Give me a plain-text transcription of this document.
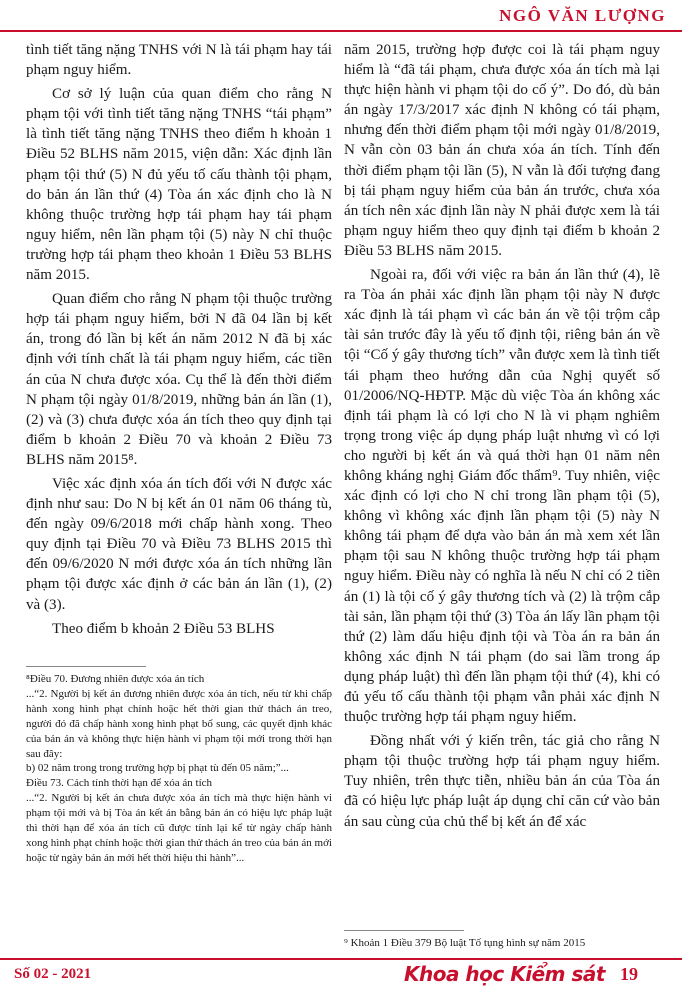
NGÔ VĂN LƯỢNG

tình tiết tăng nặng TNHS với N là tái phạm hay tái phạm nguy hiểm.

Cơ sở lý luận của quan điểm cho rằng N phạm tội với tình tiết tăng nặng TNHS “tái phạm” là tình tiết tăng nặng TNHS theo điểm h khoản 1 Điều 52 BLHS năm 2015, viện dẫn: Xác định lần phạm tội thứ (5) N đủ yếu tố cấu thành tội phạm, do bản án lần thứ (4) Tòa án xác định cho là N không thuộc trường hợp tái phạm hay tái phạm nguy hiểm, nên lần phạm tội (5) này N chỉ thuộc trường hợp tái phạm theo khoản 1 Điều 53 BLHS năm 2015.

Quan điểm cho rằng N phạm tội thuộc trường hợp tái phạm nguy hiểm, bởi N đã 04 lần bị kết án, trong đó lần bị kết án năm 2012 N đã bị xác định với tính chất là tái phạm nguy hiểm, các tiền án của N chưa được xóa. Cụ thể là đến thời điểm N phạm tội ngày 01/8/2019, những bản án lần (1), (2) và (3) chưa được xóa án tích theo quy định tại điểm b khoản 2 Điều 70 và khoản 2 Điều 73 BLHS năm 2015⁸.

Việc xác định xóa án tích đối với N được xác định như sau: Do N bị kết án 01 năm 06 tháng tù, đến ngày 09/6/2018 mới chấp hành xong. Theo quy định tại Điều 70 và Điều 73 BLHS 2015 thì đến 09/6/2020 N mới được xóa án tích những lần phạm tội được xác định ở các bản án lần (1), (2) và (3).

Theo điểm b khoản 2 Điều 53 BLHS

năm 2015, trường hợp được coi là tái phạm nguy hiểm là “đã tái phạm, chưa được xóa án tích mà lại thực hiện hành vi phạm tội do cố ý”. Do đó, dù bản án ngày 17/3/2017 xác định N không có tái phạm, nhưng đến thời điểm phạm tội mới ngày 01/8/2019, N vẫn còn 03 bản án chưa xóa án tích. Tính đến thời điểm phạm tội lần (5), N vẫn là đối tượng đang bị tái phạm nguy hiểm của bản án trước, chưa xóa án tích nên xác định lần này N phải được xem là tái phạm nguy hiểm theo quy định tại điểm b khoản 2 Điều 53 BLHS năm 2015.

Ngoài ra, đối với việc ra bản án lần thứ (4), lẽ ra Tòa án phải xác định lần phạm tội này N được xác định là tái phạm vì các bản án về tội trộm cắp tài sản trước đây là yếu tố định tội, riêng bản án về tội “Cố ý gây thương tích” vẫn được xem là tình tiết tái phạm theo hướng dẫn của Nghị quyết số 01/2006/NQ-HĐTP. Mặc dù việc Tòa án không xác định tái phạm là có lợi cho N là vi phạm nghiêm trọng trong việc áp dụng pháp luật nhưng vì có lợi cho người bị kết án và quá thời hạn 01 năm nên không kháng nghị Giám đốc thẩm⁹. Tuy nhiên, việc xác định có lợi cho N chỉ trong lần phạm tội (5), không vì không xác định lần phạm tội (5) này N không tái phạm để dựa vào bản án mà xem xét lần phạm tội sau N không thuộc trường hợp tái phạm nguy hiểm. Điều này có nghĩa là nếu N chỉ có 2 tiền án (1) là tội cố ý gây thương tích và (2) là trộm cắp tài sản, lần phạm tội thứ (3) Tòa án lấy lần phạm tội thứ (2) làm dấu hiệu định tội và Tòa án ra bản án không xác định N tái phạm (do sai lầm trong áp dụng pháp luật) thì đến lần phạm tội thứ (4), khi có đủ yếu tố cấu thành tội phạm vẫn phải xác định N thuộc trường hợp tái phạm nguy hiểm.

Đồng nhất với ý kiến trên, tác giả cho rằng N phạm tội thuộc trường hợp tái phạm nguy hiểm. Tuy nhiên, trên thực tiễn, nhiều bản án của Tòa án đã có hiệu lực pháp luật áp dụng chỉ căn cứ vào bản án sau cùng của chủ thể bị kết án để xác

⁸Điều 70. Đương nhiên được xóa án tích

...“2. Người bị kết án đương nhiên được xóa án tích, nếu từ khi chấp hành xong hình phạt chính hoặc hết thời gian thử thách án treo, người đó đã chấp hành xong hình phạt bổ sung, các quyết định khác của bản án và không thực hiện hành vi phạm tội mới trong thời hạn sau đây:

b) 02 năm trong trong trường hợp bị phạt tù đến 05 năm;”...

Điều 73. Cách tính thời hạn để xóa án tích

...“2. Người bị kết án chưa được xóa án tích mà thực hiện hành vi phạm tội mới và bị Tòa án kết án bằng bản án có hiệu lực pháp luật thì thời hạn để xóa án tích cũ được tính lại kể từ ngày chấp hành xong hình phạt chính hoặc thời gian thử thách án treo của bản án mới hoặc từ ngày bản án mới hết thời hiệu thi hành”...

⁹ Khoản 1 Điều 379 Bộ luật Tố tụng hình sự năm 2015
Số 02 - 2021	Khoa học Kiểm sát 19
